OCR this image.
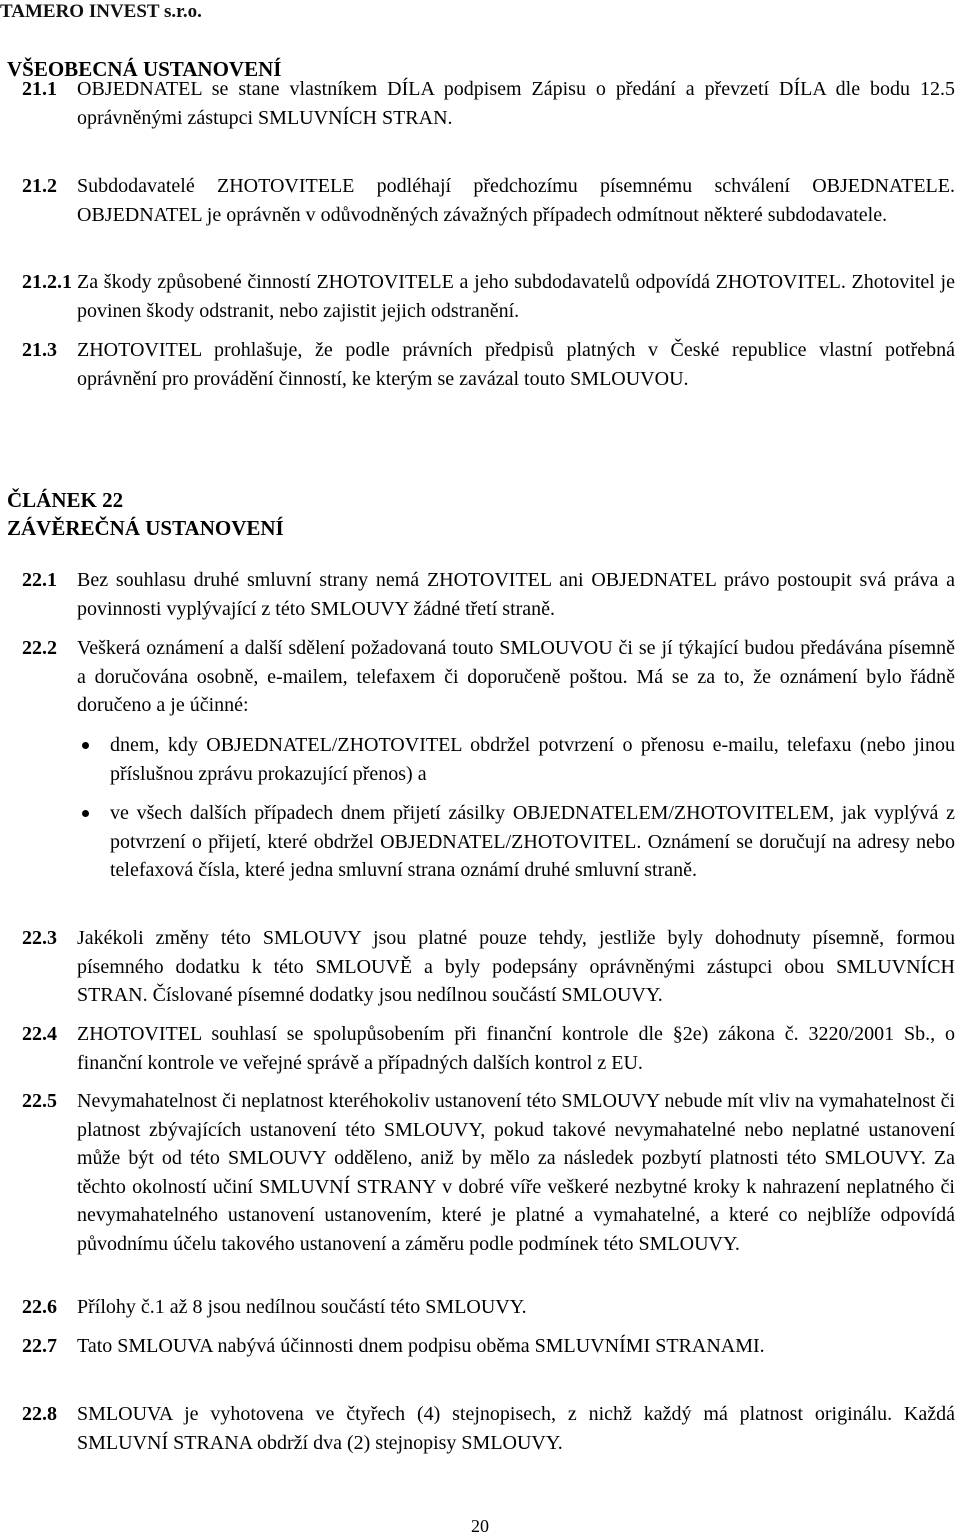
TAMERO INVEST s.r.o.
VŠEOBECNÁ USTANOVENÍ
21.1 OBJEDNATEL se stane vlastníkem DÍLA podpisem Zápisu o předání a převzetí DÍLA dle bodu 12.5 oprávněnými zástupci SMLUVNÍCH STRAN.
21.2 Subdodavatelé ZHOTOVITELE podléhají předchozímu písemnému schválení OBJEDNATELE. OBJEDNATEL je oprávněn v odůvodněných závažných případech odmítnout některé subdodavatele.
21.2.1 Za škody způsobené činností ZHOTOVITELE a jeho subdodavatelů odpovídá ZHOTOVITEL. Zhotovitel je povinen škody odstranit, nebo zajistit jejich odstranění.
21.3 ZHOTOVITEL prohlašuje, že podle právních předpisů platných v České republice vlastní potřebná oprávnění pro provádění činností, ke kterým se zavázal touto SMLOUVOU.
ČLÁNEK 22
ZÁVĚREČNÁ USTANOVENÍ
22.1 Bez souhlasu druhé smluvní strany nemá ZHOTOVITEL ani OBJEDNATEL právo postoupit svá práva a povinnosti vyplývající z této SMLOUVY žádné třetí straně.
22.2 Veškerá oznámení a další sdělení požadovaná touto SMLOUVOU či se jí týkající budou předávána písemně a doručována osobně, e-mailem, telefaxem či doporučeně poštou. Má se za to, že oznámení bylo řádně doručeno a je účinné:
dnem, kdy OBJEDNATEL/ZHOTOVITEL obdržel potvrzení o přenosu e-mailu, telefaxu (nebo jinou příslušnou zprávu prokazující přenos) a
ve všech dalších případech dnem přijetí zásilky OBJEDNATELEM/ZHOTOVITELEM, jak vyplývá z potvrzení o přijetí, které obdržel OBJEDNATEL/ZHOTOVITEL. Oznámení se doručují na adresy nebo telefaxová čísla, které jedna smluvní strana oznámí druhé smluvní straně.
22.3 Jakékoli změny této SMLOUVY jsou platné pouze tehdy, jestliže byly dohodnuty písemně, formou písemného dodatku k této SMLOUVĚ a byly podepsány oprávněnými zástupci obou SMLUVNÍCH STRAN. Číslované písemné dodatky jsou nedílnou součástí SMLOUVY.
22.4 ZHOTOVITEL souhlasí se spolupůsobením při finanční kontrole dle §2e) zákona č. 3220/2001 Sb., o finanční kontrole ve veřejné správě a případných dalších kontrol z EU.
22.5 Nevymahatelnost či neplatnost kteréhokoliv ustanovení této SMLOUVY nebude mít vliv na vymahatelnost či platnost zbývajících ustanovení této SMLOUVY, pokud takové nevymahatelné nebo neplatné ustanovení může být od této SMLOUVY odděleno, aniž by mělo za následek pozbytí platnosti této SMLOUVY. Za těchto okolností učiní SMLUVNÍ STRANY v dobré víře veškeré nezbytné kroky k nahrazení neplatného či nevymahatelného ustanovení ustanovením, které je platné a vymahatelné, a které co nejblíže odpovídá původnímu účelu takového ustanovení a záměru podle podmínek této SMLOUVY.
22.6 Přílohy č.1 až 8 jsou nedílnou součástí této SMLOUVY.
22.7 Tato SMLOUVA nabývá účinnosti dnem podpisu oběma SMLUVNÍMI STRANAMI.
22.8 SMLOUVA je vyhotovena ve čtyřech (4) stejnopisech, z nichž každý má platnost originálu. Každá SMLUVNÍ STRANA obdrží dva (2) stejnopisy SMLOUVY.
20
